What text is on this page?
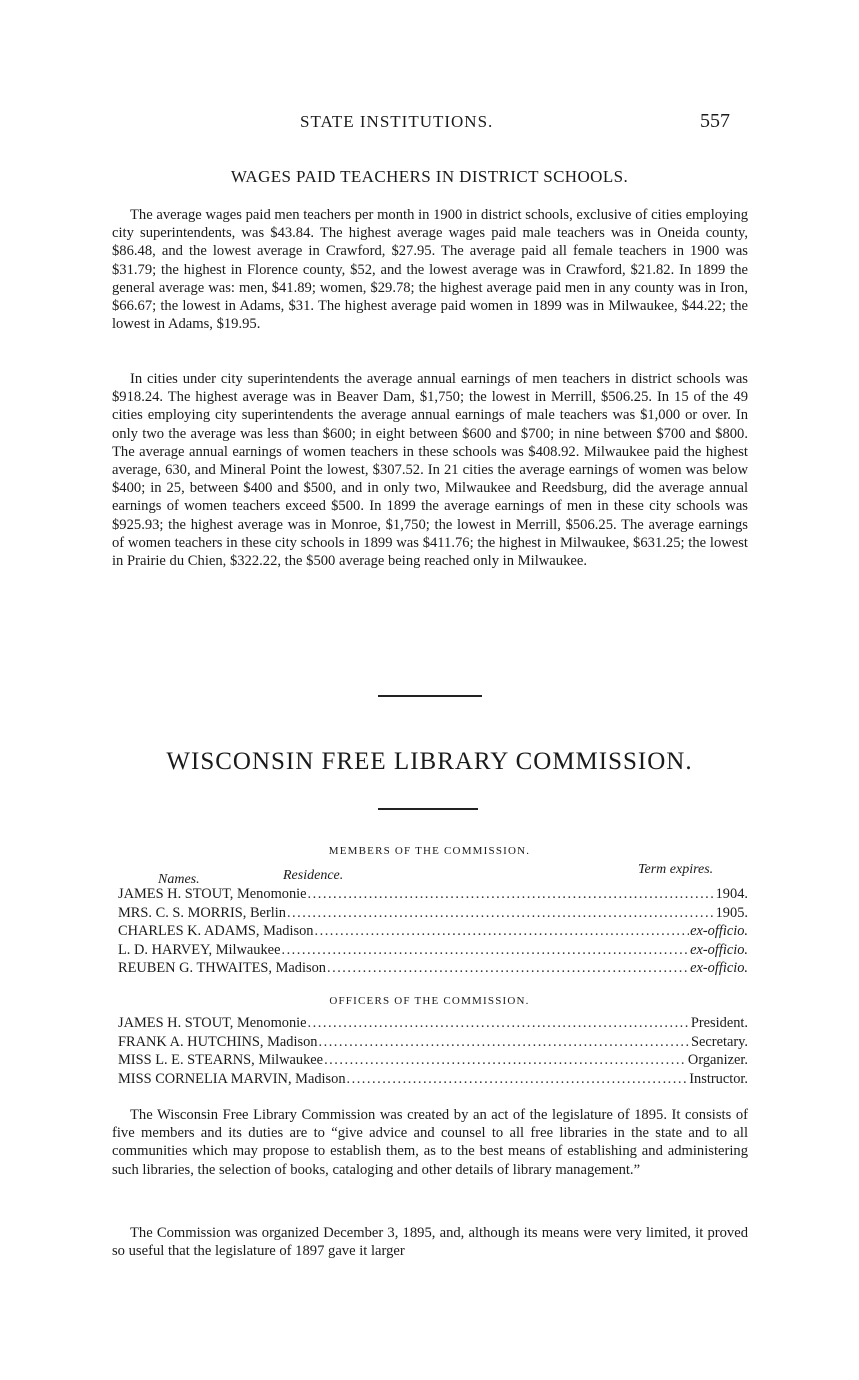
STATE INSTITUTIONS.	557
WAGES PAID TEACHERS IN DISTRICT SCHOOLS.

The average wages paid men teachers per month in 1900 in district schools, exclusive of cities employing city superintendents, was $43.84. The highest average wages paid male teachers was in Oneida county, $86.48, and the lowest average in Crawford, $27.95. The average paid all female teachers in 1900 was $31.79; the highest in Florence county, $52, and the lowest average was in Crawford, $21.82. In 1899 the general average was: men, $41.89; women, $29.78; the highest average paid men in any county was in Iron, $66.67; the lowest in Adams, $31. The highest average paid women in 1899 was in Milwaukee, $44.22; the lowest in Adams, $19.95.

In cities under city superintendents the average annual earnings of men teachers in district schools was $918.24. The highest average was in Beaver Dam, $1,750; the lowest in Merrill, $506.25. In 15 of the 49 cities employing city superintendents the average annual earnings of male teachers was $1,000 or over. In only two the average was less than $600; in eight between $600 and $700; in nine between $700 and $800. The average annual earnings of women teachers in these schools was $408.92. Milwaukee paid the highest average, 630, and Mineral Point the lowest, $307.52. In 21 cities the average earnings of women was below $400; in 25, between $400 and $500, and in only two, Milwaukee and Reedsburg, did the average annual earnings of women teachers exceed $500. In 1899 the average earnings of men in these city schools was $925.93; the highest average was in Monroe, $1,750; the lowest in Merrill, $506.25. The average earnings of women teachers in these city schools in 1899 was $411.76; the highest in Milwaukee, $631.25; the lowest in Prairie du Chien, $322.22, the $500 average being reached only in Milwaukee.

WISCONSIN FREE LIBRARY COMMISSION.
MEMBERS OF THE COMMISSION.
Names.	Residence.	Term expires.
JAMES H. STOUT, Menomonie .....	1904.
MRS. C. S. MORRIS, Berlin .....	1905.
CHARLES K. ADAMS, Madison .....	ex-officio.
L. D. HARVEY, Milwaukee .....	ex-officio.
REUBEN G. THWAITES, Madison .....	ex-officio.
OFFICERS OF THE COMMISSION.
JAMES H. STOUT, Menomonie .....	President.
FRANK A. HUTCHINS, Madison .....	Secretary.
MISS L. E. STEARNS, Milwaukee .....	Organizer.
MISS CORNELIA MARVIN, Madison .....	Instructor.

The Wisconsin Free Library Commission was created by an act of the legislature of 1895. It consists of five members and its duties are to “give advice and counsel to all free libraries in the state and to all communities which may propose to establish them, as to the best means of establishing and administering such libraries, the selection of books, cataloging and other details of library management.”

The Commission was organized December 3, 1895, and, although its means were very limited, it proved so useful that the legislature of 1897 gave it larger
